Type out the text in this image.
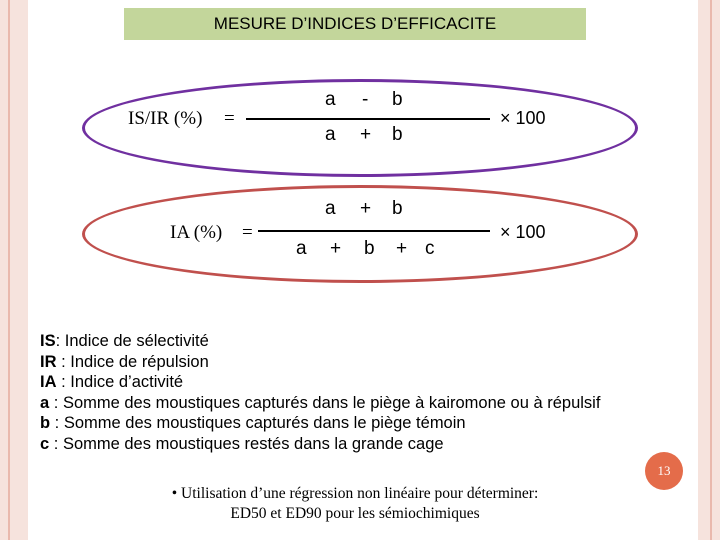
MESURE D’INDICES D’EFFICACITE
IS/IR (%) =
a - b
a + b
× 100
IA (%) =
a + b
a + b + c
× 100
IS: Indice de sélectivité
IR : Indice de répulsion
IA : Indice d’activité
a : Somme des moustiques capturés dans le piège à kairomone ou à répulsif
b : Somme des moustiques capturés dans le piège témoin
c : Somme des moustiques restés dans la grande cage
• Utilisation d’une régression non linéaire pour déterminer:
ED50 et ED90 pour les sémiochimiques
13
